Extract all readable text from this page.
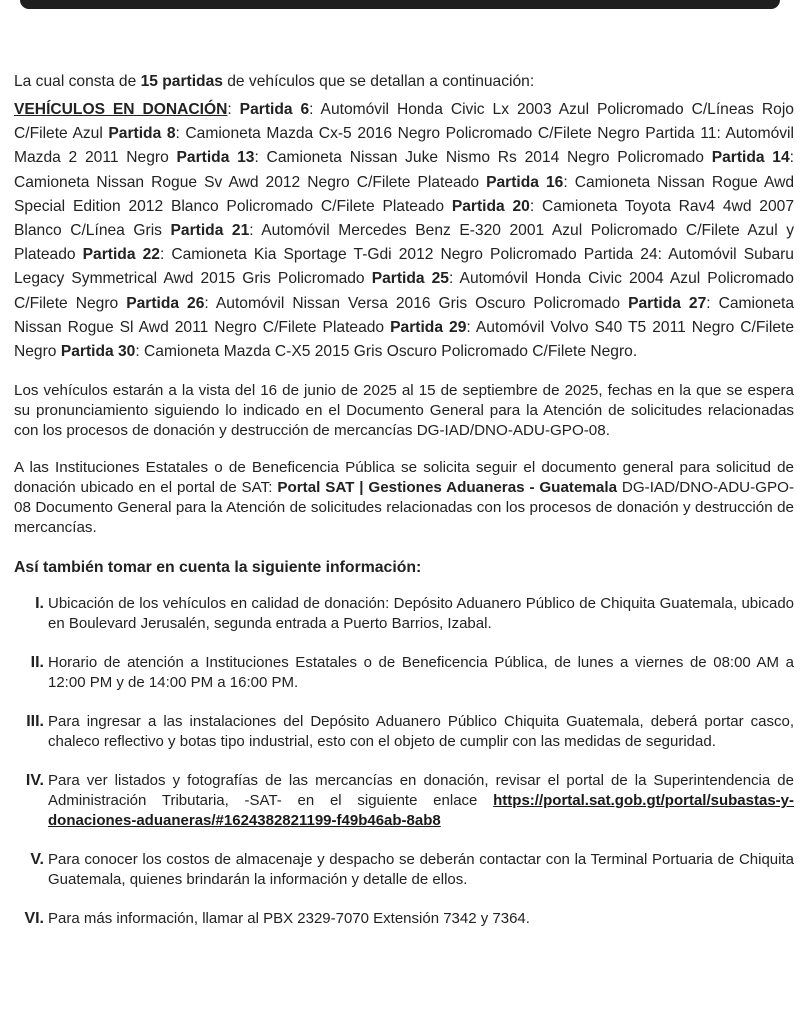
La cual consta de 15 partidas de vehículos que se detallan a continuación:

VEHÍCULOS EN DONACIÓN: Partida 6: Automóvil Honda Civic Lx 2003 Azul Policromado C/Líneas Rojo C/Filete Azul Partida 8: Camioneta Mazda Cx-5 2016 Negro Policromado C/Filete Negro Partida 11: Automóvil Mazda 2 2011 Negro Partida 13: Camioneta Nissan Juke Nismo Rs 2014 Negro Policromado Partida 14: Camioneta Nissan Rogue Sv Awd 2012 Negro C/Filete Plateado Partida 16: Camioneta Nissan Rogue Awd Special Edition 2012 Blanco Policromado C/Filete Plateado Partida 20: Camioneta Toyota Rav4 4wd 2007 Blanco C/Línea Gris Partida 21: Automóvil Mercedes Benz E-320 2001 Azul Policromado C/Filete Azul y Plateado Partida 22: Camioneta Kia Sportage T-Gdi 2012 Negro Policromado Partida 24: Automóvil Subaru Legacy Symmetrical Awd 2015 Gris Policromado Partida 25: Automóvil Honda Civic 2004 Azul Policromado C/Filete Negro Partida 26: Automóvil Nissan Versa 2016 Gris Oscuro Policromado Partida 27: Camioneta Nissan Rogue Sl Awd 2011 Negro C/Filete Plateado Partida 29: Automóvil Volvo S40 T5 2011 Negro C/Filete Negro Partida 30: Camioneta Mazda C-X5 2015 Gris Oscuro Policromado C/Filete Negro.

Los vehículos estarán a la vista del 16 de junio de 2025 al 15 de septiembre de 2025, fechas en la que se espera su pronunciamiento siguiendo lo indicado en el Documento General para la Atención de solicitudes relacionadas con los procesos de donación y destrucción de mercancías DG-IAD/DNO-ADU-GPO-08.

A las Instituciones Estatales o de Beneficencia Pública se solicita seguir el documento general para solicitud de donación ubicado en el portal de SAT: Portal SAT | Gestiones Aduaneras - Guatemala DG-IAD/DNO-ADU-GPO-08 Documento General para la Atención de solicitudes relacionadas con los procesos de donación y destrucción de mercancías.

Así también tomar en cuenta la siguiente información:

I. Ubicación de los vehículos en calidad de donación: Depósito Aduanero Público de Chiquita Guatemala, ubicado en Boulevard Jerusalén, segunda entrada a Puerto Barrios, Izabal.
II. Horario de atención a Instituciones Estatales o de Beneficencia Pública, de lunes a viernes de 08:00 AM a 12:00 PM y de 14:00 PM a 16:00 PM.
III. Para ingresar a las instalaciones del Depósito Aduanero Público Chiquita Guatemala, deberá portar casco, chaleco reflectivo y botas tipo industrial, esto con el objeto de cumplir con las medidas de seguridad.
IV. Para ver listados y fotografías de las mercancías en donación, revisar el portal de la Superintendencia de Administración Tributaria, -SAT- en el siguiente enlace https://portal.sat.gob.gt/portal/subastas-y-donaciones-aduaneras/#1624382821199-f49b46ab-8ab8
V. Para conocer los costos de almacenaje y despacho se deberán contactar con la Terminal Portuaria de Chiquita Guatemala, quienes brindarán la información y detalle de ellos.
VI. Para más información, llamar al PBX 2329-7070 Extensión 7342 y 7364.
